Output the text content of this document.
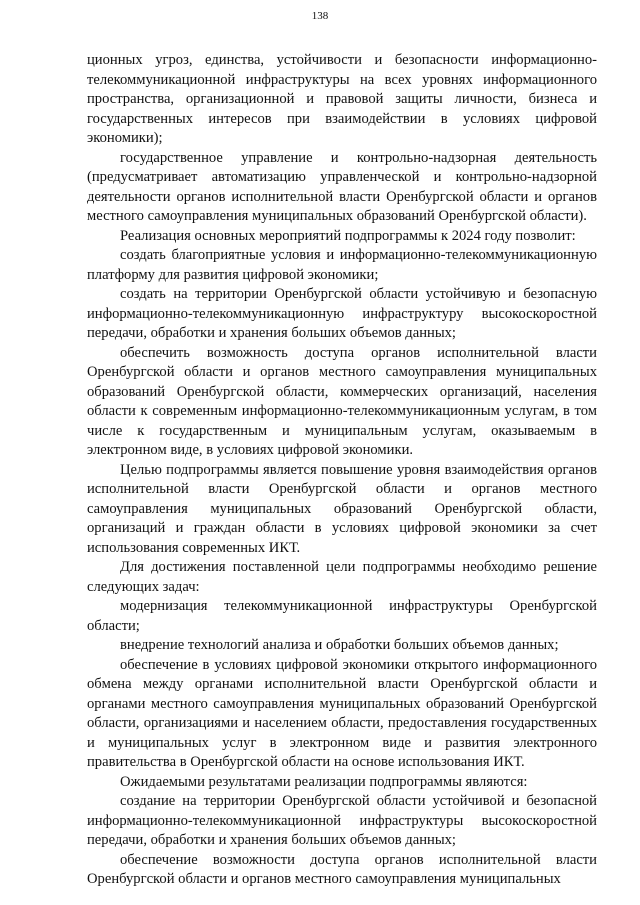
138

ционных угроз, единства, устойчивости и безопасности информационно-телекоммуникационной инфраструктуры на всех уровнях информационного пространства, организационной и правовой защиты личности, бизнеса и государственных интересов при взаимодействии в условиях цифровой экономики);

государственное управление и контрольно-надзорная деятельность (предусматривает автоматизацию управленческой и контрольно-надзорной деятельности органов исполнительной власти Оренбургской области и органов местного самоуправления муниципальных образований Оренбургской области).

Реализация основных мероприятий подпрограммы к 2024 году позволит:

создать благоприятные условия и информационно-телекоммуникационную платформу для развития цифровой экономики;

создать на территории Оренбургской области устойчивую и безопасную информационно-телекоммуникационную инфраструктуру высокоскоростной передачи, обработки и хранения больших объемов данных;

обеспечить возможность доступа органов исполнительной власти Оренбургской области и органов местного самоуправления муниципальных образований Оренбургской области, коммерческих организаций, населения области к современным информационно-телекоммуникационным услугам, в том числе к государственным и муниципальным услугам, оказываемым в электронном виде, в условиях цифровой экономики.

Целью подпрограммы является повышение уровня взаимодействия органов исполнительной власти Оренбургской области и органов местного самоуправления муниципальных образований Оренбургской области, организаций и граждан области в условиях цифровой экономики за счет использования современных ИКТ.

Для достижения поставленной цели подпрограммы необходимо решение следующих задач:

модернизация телекоммуникационной инфраструктуры Оренбургской области;

внедрение технологий анализа и обработки больших объемов данных;

обеспечение в условиях цифровой экономики открытого информационного обмена между органами исполнительной власти Оренбургской области и органами местного самоуправления муниципальных образований Оренбургской области, организациями и населением области, предоставления государственных и муниципальных услуг в электронном виде и развития электронного правительства в Оренбургской области на основе использования ИКТ.

Ожидаемыми результатами реализации подпрограммы являются:

создание на территории Оренбургской области устойчивой и безопасной информационно-телекоммуникационной инфраструктуры высокоскоростной передачи, обработки и хранения больших объемов данных;

обеспечение возможности доступа органов исполнительной власти Оренбургской области и органов местного самоуправления муниципальных
